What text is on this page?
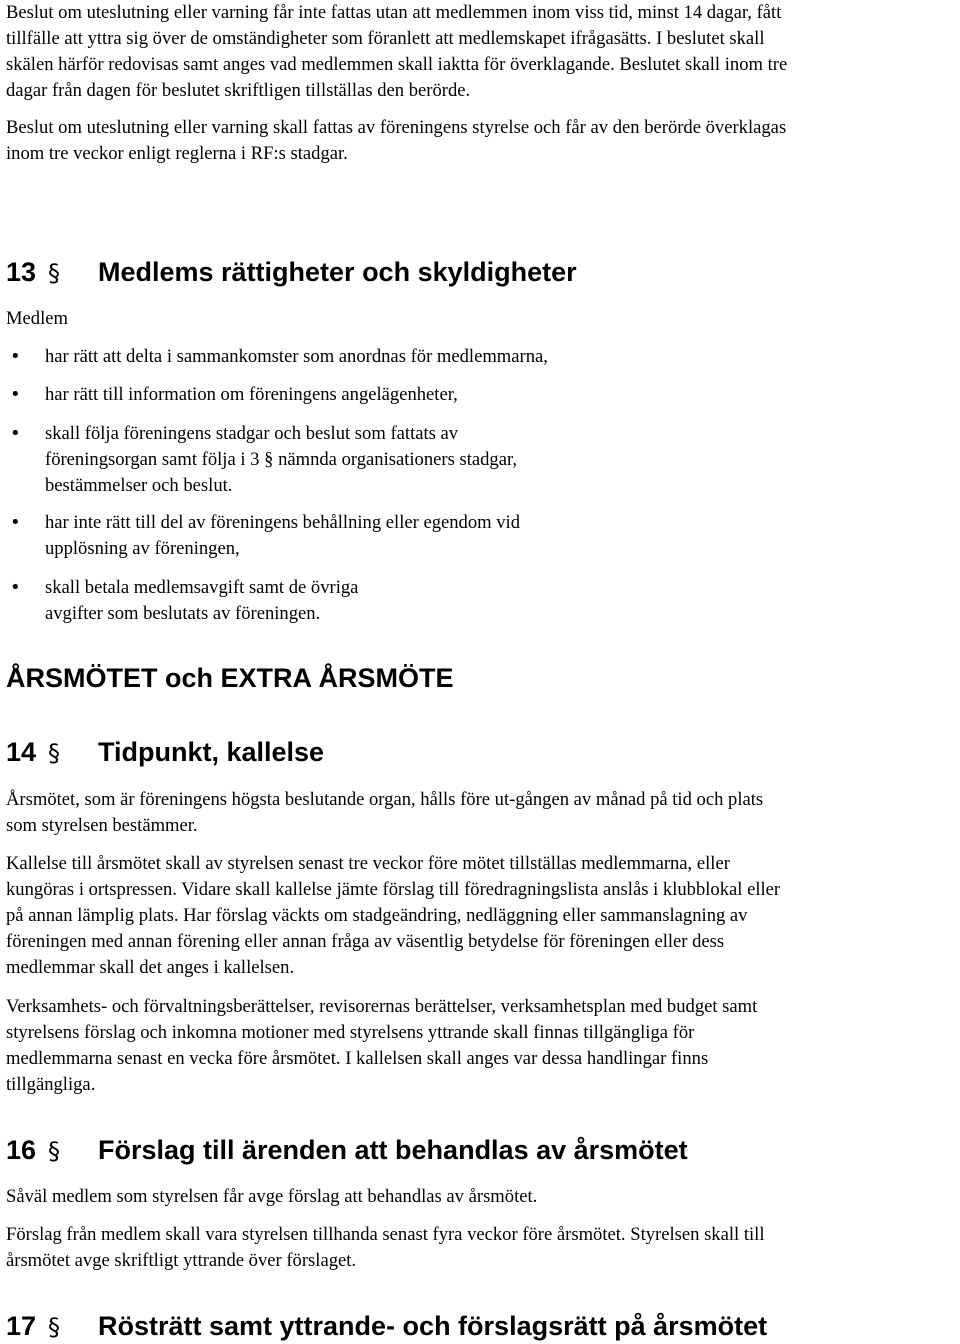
Beslut om uteslutning eller varning får inte fattas utan att medlemmen inom viss tid, minst 14 dagar, fått

tillfälle att yttra sig över de omständigheter som föranlett att medlemskapet ifrågasätts. I beslutet skall

skälen härför redovisas samt anges vad medlemmen skall iaktta för överklagande. Beslutet skall inom tre

dagar från dagen för beslutet skriftligen tillställas den berörde.

Beslut om uteslutning eller varning skall fattas av föreningens styrelse och får av den berörde överklagas

inom tre veckor enligt reglerna i RF:s stadgar.

13 § Medlems rättigheter och skyldigheter

Medlem

• har rätt att delta i sammankomster som anordnas för medlemmarna,

• har rätt till information om föreningens angelägenheter,

• skall följa föreningens stadgar och beslut som fattats av

föreningsorgan samt följa i 3 § nämnda organisationers stadgar,

bestämmelser och beslut.

• har inte rätt till del av föreningens behållning eller egendom vid

upplösning av föreningen,

• skall betala medlemsavgift samt de övriga

avgifter som beslutats av föreningen.

ÅRSMÖTET och EXTRA ÅRSMÖTE
14 § Tidpunkt, kallelse

Årsmötet, som är föreningens högsta beslutande organ, hålls före ut-gången av månad på tid och plats

som styrelsen bestämmer.

Kallelse till årsmötet skall av styrelsen senast tre veckor före mötet tillställas medlemmarna, eller

kungöras i ortspressen. Vidare skall kallelse jämte förslag till föredragningslista anslås i klubblokal eller

på annan lämplig plats. Har förslag väckts om stadgeändring, nedläggning eller sammanslagning av

föreningen med annan förening eller annan fråga av väsentlig betydelse för föreningen eller dess

medlemmar skall det anges i kallelsen.

Verksamhets- och förvaltningsberättelser, revisorernas berättelser, verksamhetsplan med budget samt

styrelsens förslag och inkomna motioner med styrelsens yttrande skall finnas tillgängliga för

medlemmarna senast en vecka före årsmötet. I kallelsen skall anges var dessa handlingar finns

tillgängliga.

16 § Förslag till ärenden att behandlas av årsmötet

Såväl medlem som styrelsen får avge förslag att behandlas av årsmötet.

Förslag från medlem skall vara styrelsen tillhanda senast fyra veckor före årsmötet. Styrelsen skall till

årsmötet avge skriftligt yttrande över förslaget.

17 § Rösträtt samt yttrande- och förslagsrätt på årsmötet
